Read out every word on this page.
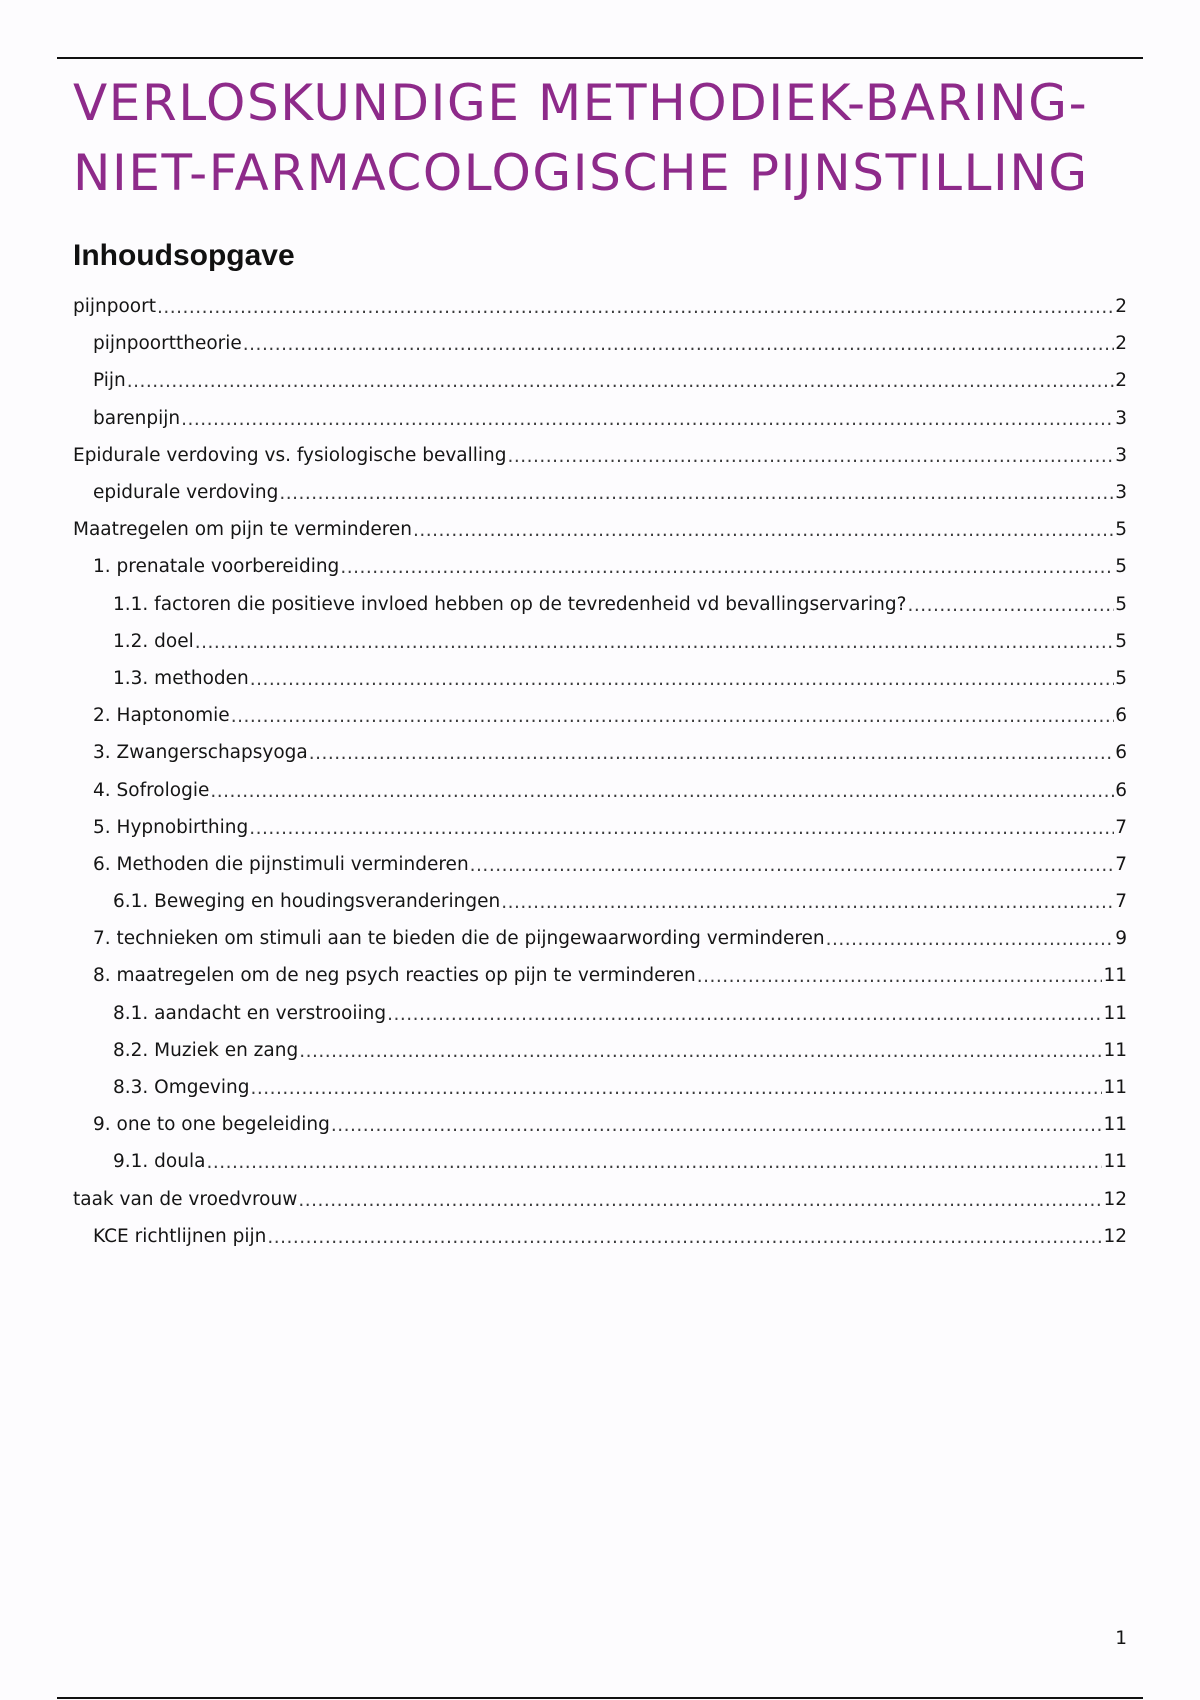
VERLOSKUNDIGE METHODIEK-BARING-
NIET-FARMACOLOGISCHE PIJNSTILLING
Inhoudsopgave
pijnpoort .....	2
pijnpoorttheorie .....	2
Pijn .....	2
barenpijn .....	3
Epidurale verdoving vs. fysiologische bevalling .....	3
epidurale verdoving .....	3
Maatregelen om pijn te verminderen .....	5
1. prenatale voorbereiding .....	5
1.1. factoren die positieve invloed hebben op de tevredenheid vd bevallingservaring? .....	5
1.2. doel .....	5
1.3. methoden .....	5
2. Haptonomie .....	6
3. Zwangerschapsyoga .....	6
4. Sofrologie .....	6
5. Hypnobirthing .....	7
6. Methoden die pijnstimuli verminderen .....	7
6.1. Beweging en houdingsveranderingen .....	7
7. technieken om stimuli aan te bieden die de pijngewaarwording verminderen .....	9
8. maatregelen om de neg psych reacties op pijn te verminderen .....	11
8.1. aandacht en verstrooiing .....	11
8.2. Muziek en zang .....	11
8.3. Omgeving .....	11
9. one to one begeleiding .....	11
9.1. doula .....	11
taak van de vroedvrouw .....	12
KCE richtlijnen pijn .....	12
1
